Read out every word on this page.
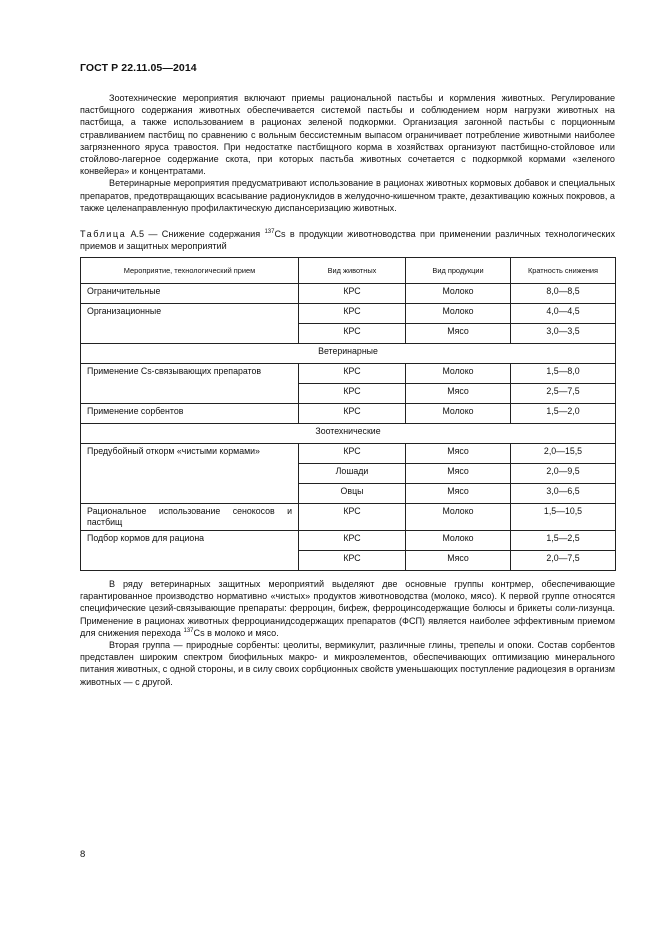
ГОСТ Р 22.11.05—2014

Зоотехнические мероприятия включают приемы рациональной пастьбы и кормления животных. Регулирование пастбищного содержания животных обеспечивается системой пастьбы и соблюдением норм нагрузки животных на пастбища, а также использованием в рационах зеленой подкормки. Организация загонной пастьбы с порционным стравливанием пастбищ по сравнению с вольным бессистемным выпасом ограничивает потребление животными наиболее загрязненного яруса травостоя. При недостатке пастбищного корма в хозяйствах организуют пастбищно-стойловое или стойлово-лагерное содержание скота, при которых пастьба животных сочетается с подкормкой кормами «зеленого конвейера» и концентратами.

Ветеринарные мероприятия предусматривают использование в рационах животных кормовых добавок и специальных препаратов, предотвращающих всасывание радионуклидов в желудочно-кишечном тракте, дезактивацию кожных покровов, а также целенаправленную профилактическую диспансеризацию животных.

Таблица А.5 — Снижение содержания $^{137}$Cs в продукции животноводства при применении различных технологических приемов и защитных мероприятий
Мероприятие, технологический прием	Вид животных	Вид продукции	Кратность снижения
Ограничительные	КРС	Молоко	8,0—8,5
Организационные	КРС	Молоко	4,0—4,5
	КРС	Мясо	3,0—3,5
Ветеринарные			
Применение Cs-связывающих препаратов	КРС	Молоко	1,5—8,0
	КРС	Мясо	2,5—7,5
Применение сорбентов	КРС	Молоко	1,5—2,0
Зоотехнические			
Предубойный откорм «чистыми кормами»	КРС	Мясо	2,0—15,5
	Лошади	Мясо	2,0—9,5
	Овцы	Мясо	3,0—6,5
Рациональное использование сенокосов и пастбищ	КРС	Молоко	1,5—10,5
Подбор кормов для рациона	КРС	Молоко	1,5—2,5
	КРС	Мясо	2,0—7,5

В ряду ветеринарных защитных мероприятий выделяют две основные группы контрмер, обеспечивающие гарантированное производство нормативно «чистых» продуктов животноводства (молоко, мясо). К первой группе относятся специфические цезий-связывающие препараты: ферроцин, бифеж, ферроцинсодержащие болюсы и брикеты соли-лизунца. Применение в рационах животных ферроцианидсодержащих препаратов (ФСП) является наиболее эффективным приемом для снижения перехода $^{137}$Cs в молоко и мясо.

Вторая группа — природные сорбенты: цеолиты, вермикулит, различные глины, трепелы и опоки. Состав сорбентов представлен широким спектром биофильных макро- и микроэлементов, обеспечивающих оптимизацию минерального питания животных, с одной стороны, и в силу своих сорбционных свойств уменьшающих поступление радиоцезия в организм животных — с другой.

8
